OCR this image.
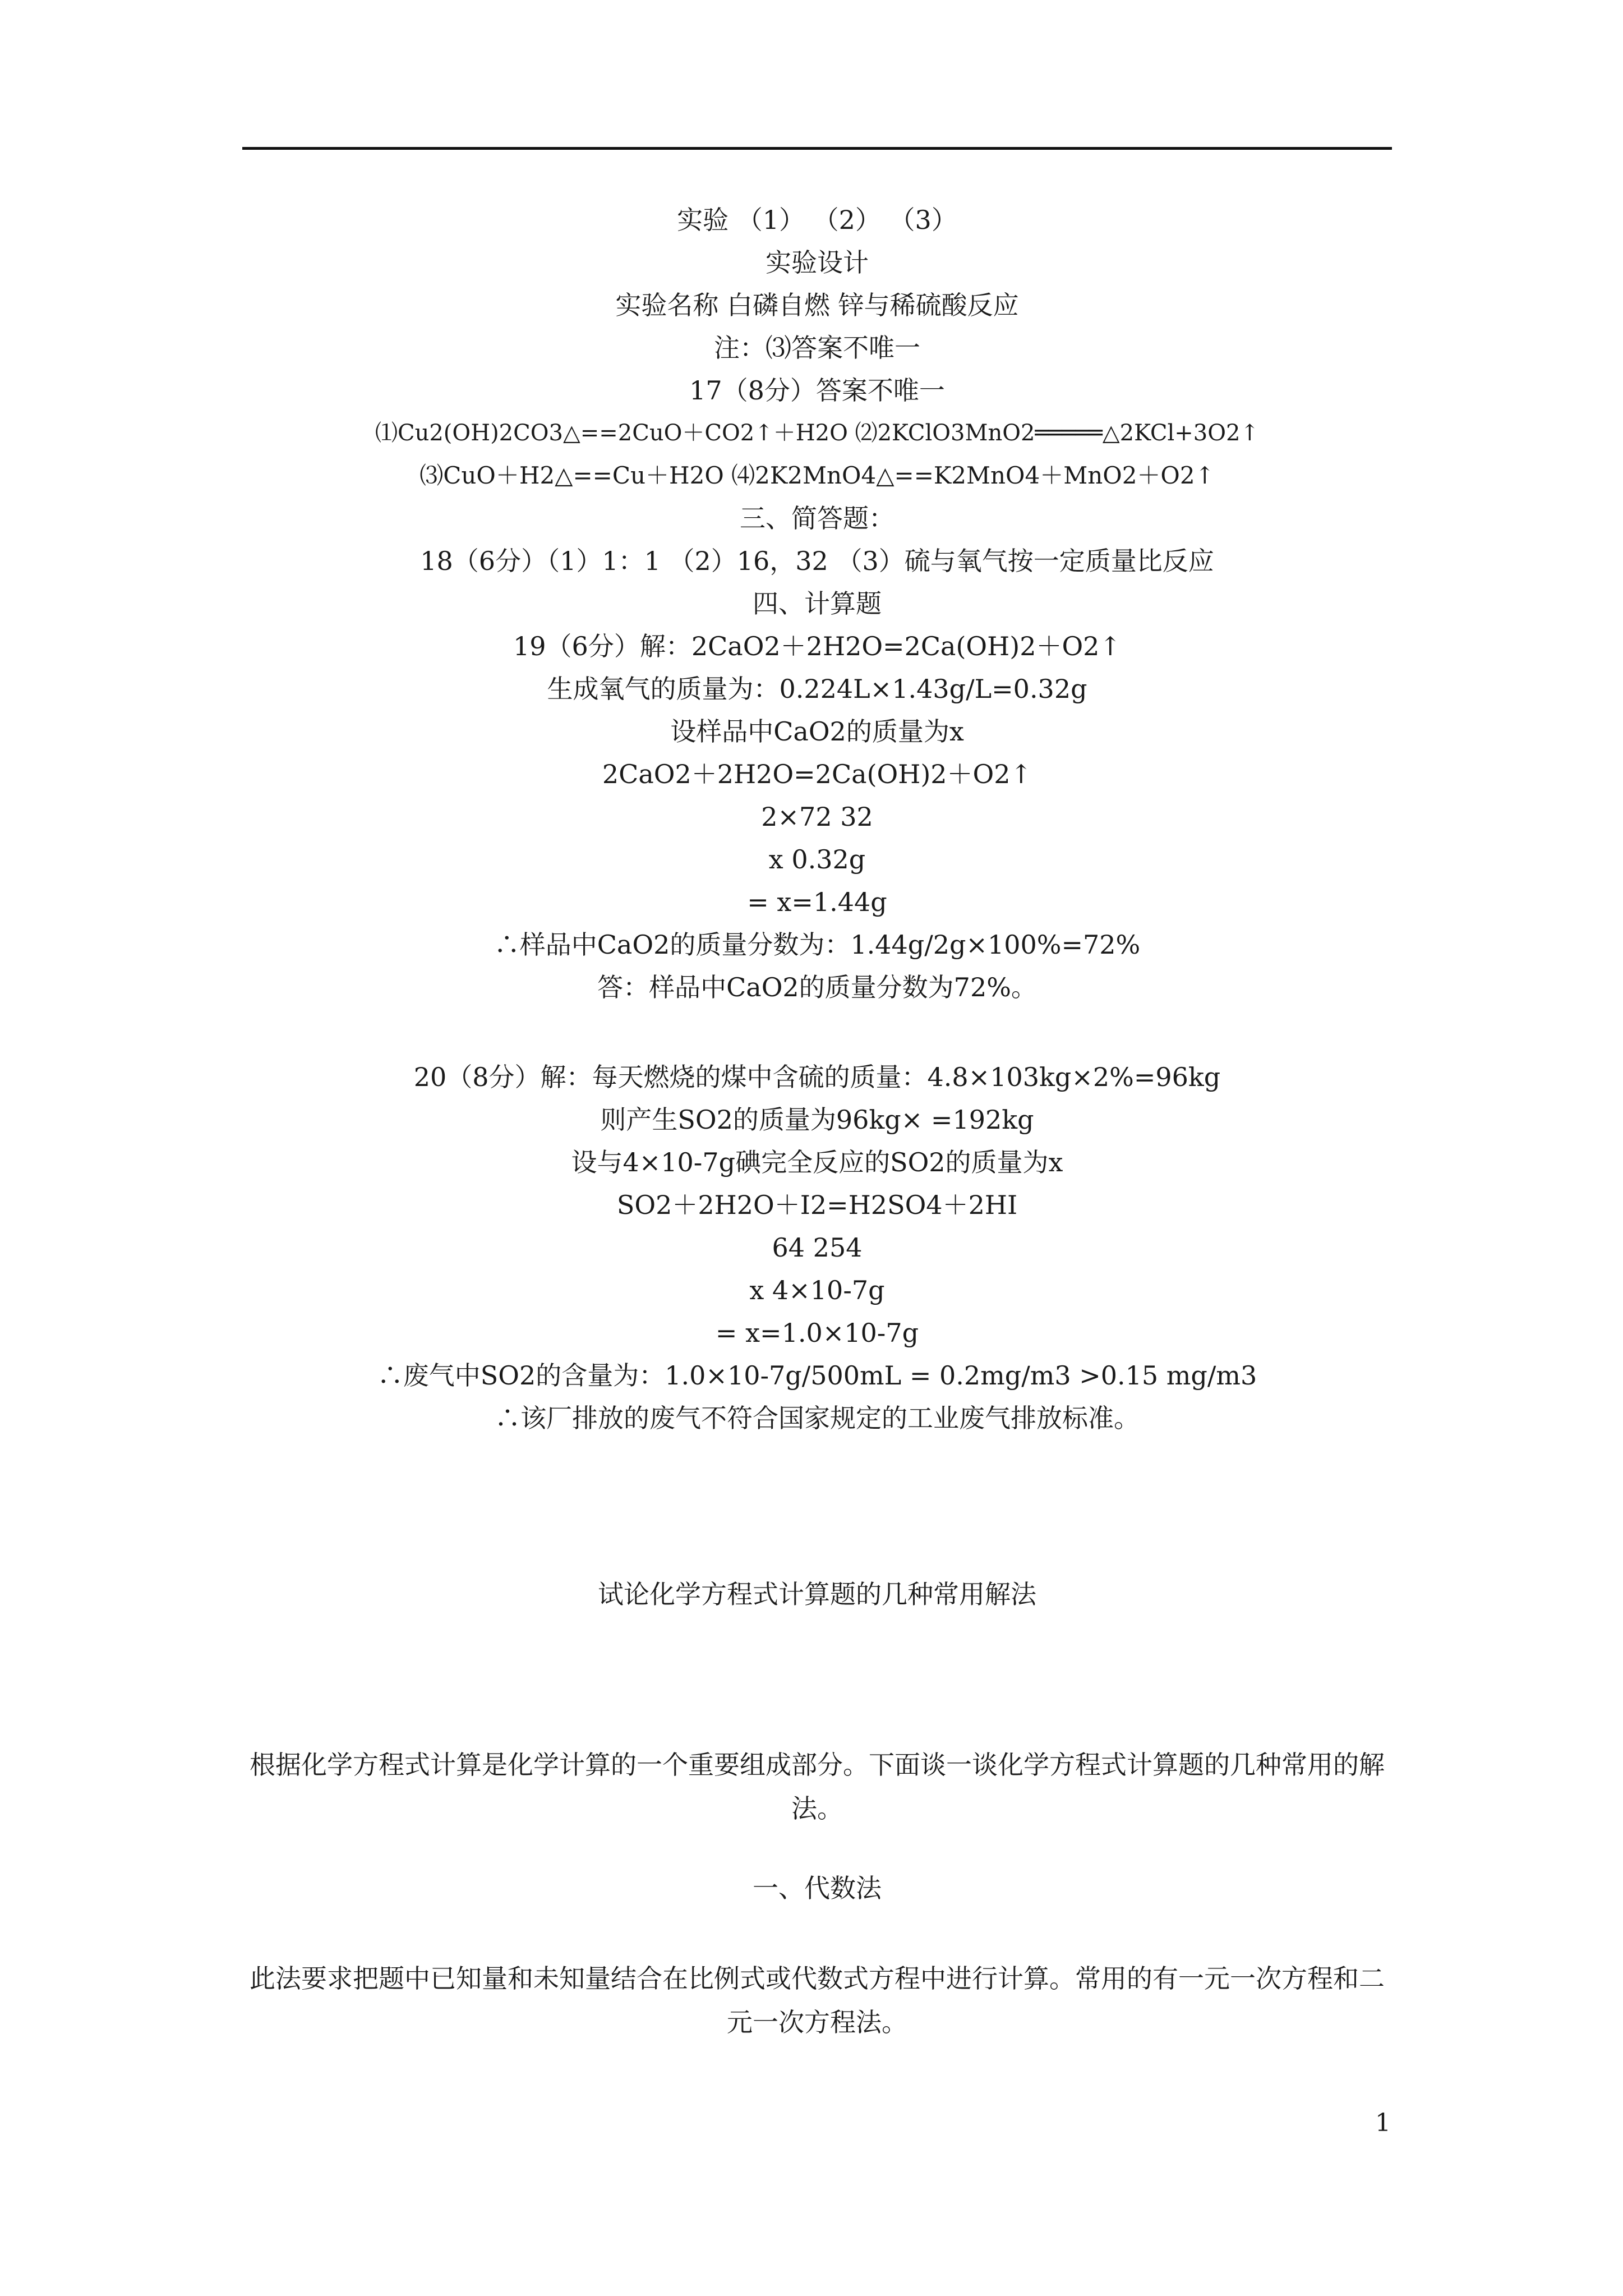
实验 （1） （2） （3）
实验设计
实验名称 白磷自燃 锌与稀硫酸反应
注：⑶答案不唯一
17（8分）答案不唯一
⑴Cu2(OH)2CO3△==2CuO＋CO2↑＋H2O ⑵2KClO3MnO2═════△2KCl+3O2↑
⑶CuO＋H2△==Cu＋H2O ⑷2K2MnO4△==K2MnO4＋MnO2＋O2↑
三、简答题：
18（6分）（1）1：1 （2）16，32 （3）硫与氧气按一定质量比反应
四、计算题
19（6分）解：2CaO2＋2H2O=2Ca(OH)2＋O2↑
生成氧气的质量为：0.224L×1.43g/L=0.32g
设样品中CaO2的质量为x
2CaO2＋2H2O=2Ca(OH)2＋O2↑
2×72 32
x 0.32g
= x=1.44g
∴样品中CaO2的质量分数为：1.44g/2g×100%=72%
答：样品中CaO2的质量分数为72%。
20（8分）解：每天燃烧的煤中含硫的质量：4.8×103kg×2%=96kg
则产生SO2的质量为96kg× =192kg
设与4×10-7g碘完全反应的SO2的质量为x
SO2＋2H2O＋I2=H2SO4＋2HI
64 254
x 4×10-7g
= x=1.0×10-7g
∴废气中SO2的含量为：1.0×10-7g/500mL = 0.2mg/m3 >0.15 mg/m3
∴该厂排放的废气不符合国家规定的工业废气排放标准。
试论化学方程式计算题的几种常用解法
根据化学方程式计算是化学计算的一个重要组成部分。下面谈一谈化学方程式计算题的几种常用的解法。
一、代数法
此法要求把题中已知量和未知量结合在比例式或代数式方程中进行计算。常用的有一元一次方程和二元一次方程法。
1
